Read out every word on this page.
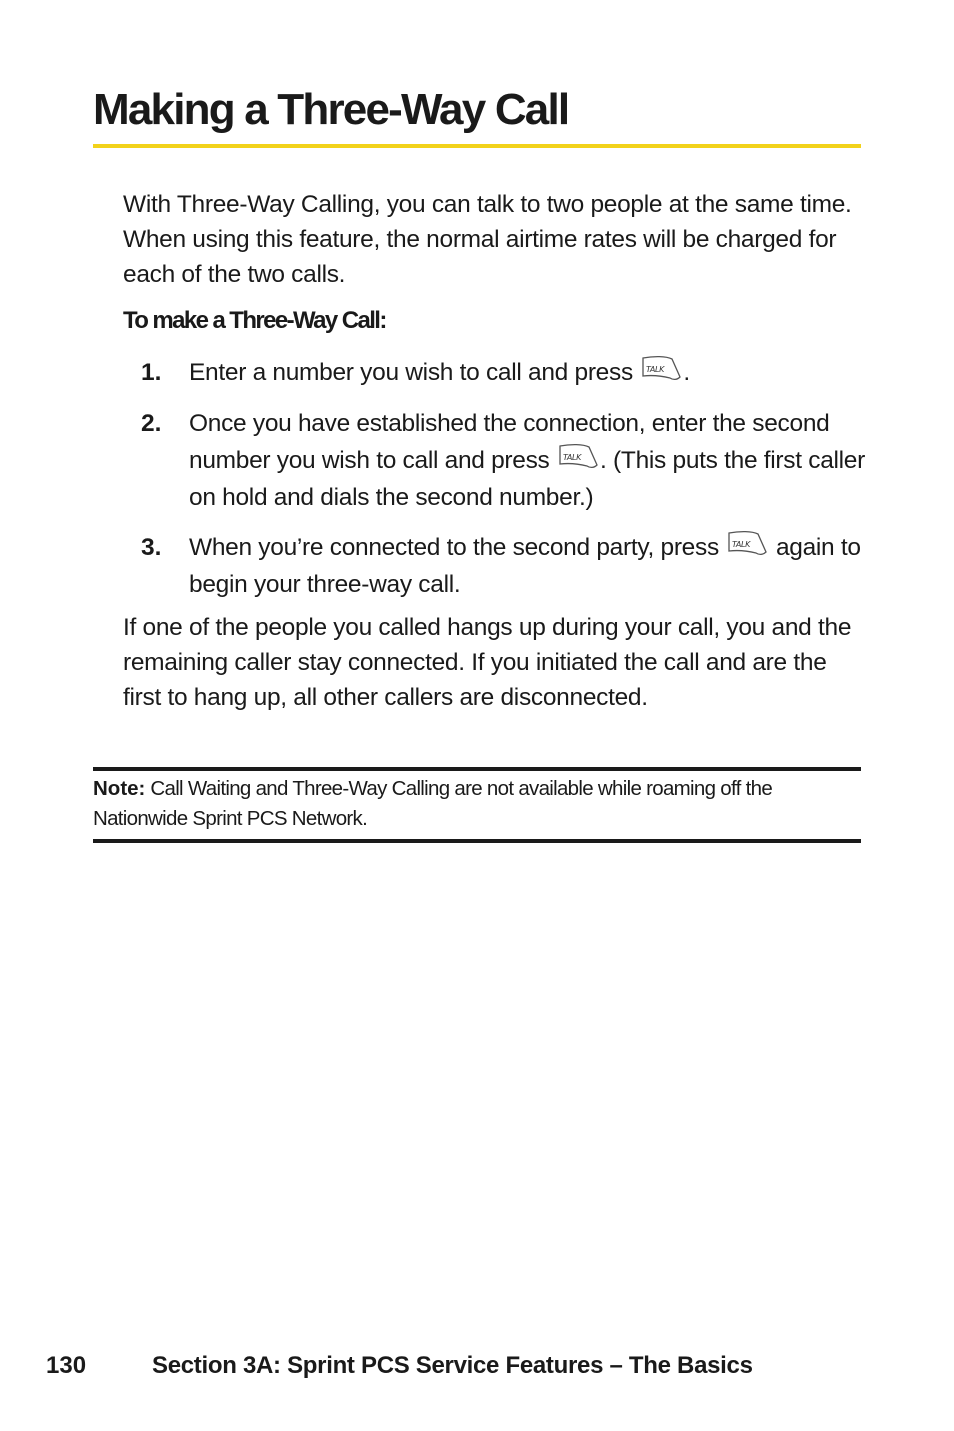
Making a Three-Way Call

With Three-Way Calling, you can talk to two people at the same time. When using this feature, the normal airtime rates will be charged for each of the two calls.

To make a Three-Way Call:

1.	Enter a number you wish to call and press TALK .

2.	Once you have established the connection, enter the second number you wish to call and press TALK . (This puts the first caller on hold and dials the second number.)

3.	When you’re connected to the second party, press TALK again to begin your three-way call.

If one of the people you called hangs up during your call, you and the remaining caller stay connected. If you initiated the call and are the first to hang up, all other callers are disconnected.

Note: Call Waiting and Three-Way Calling are not available while roaming off the Nationwide Sprint PCS Network.

130	Section 3A: Sprint PCS Service Features – The Basics
